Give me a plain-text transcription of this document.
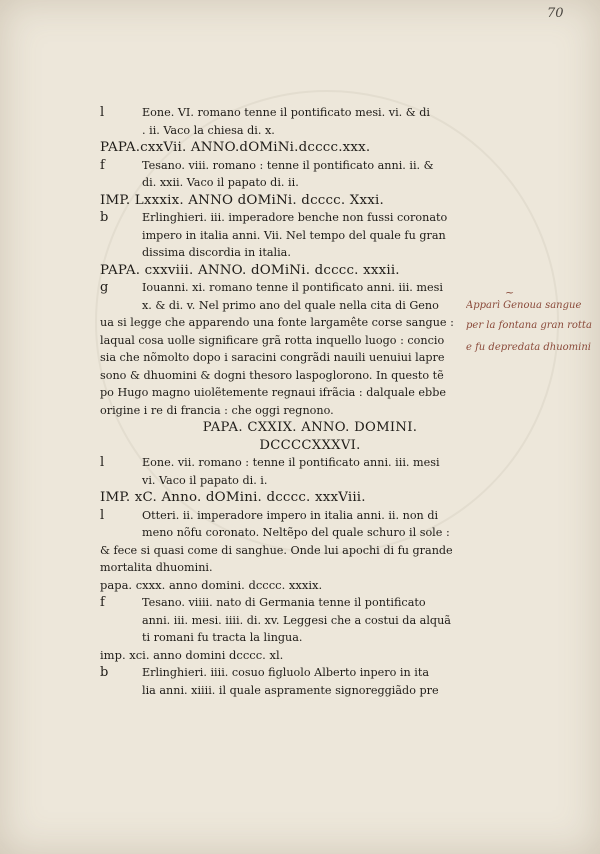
70
l	Eone. VI. romano tenne il pontificato mesi. vi. & di
. ii. Vaco la chiesa di. x.
PAPA.cxxVii. ANNO.dOMiNi.dcccc.xxx.
f	Tesano. viii. romano : tenne il pontificato anni. ii. &
di. xxii. Vaco il papato di. ii.
IMP. Lxxxix. ANNO dOMiNi. dcccc. Xxxi.
b	Erlinghieri. iii. imperadore benche non fussi coronato
impero in italia anni. Vii. Nel tempo del quale fu gran
dissima discordia in italia.
PAPA. cxxviii. ANNO. dOMiNi. dcccc. xxxii.
g	Iouanni. xi. romano tenne il pontificato anni. iii. mesi
x. & di. v. Nel primo ano del quale nella cita di Geno
ua si legge che apparendo una fonte largamête corse sangue :
laqual cosa uolle significare grã rotta inquello luogo : concio
sia che nõmolto dopo i saracini congrãdi nauili uenuiui lapre
sono & dhuomini & dogni thesoro laspoglorono. In questo tẽ
po Hugo magno uiolẽtemente regnaui ifrãcia : dalquale ebbe
origine i re di francia : che oggi regnono.
PAPA. CXXIX. ANNO. DOMINI.
DCCCCXXXVI.
l	Eone. vii. romano : tenne il pontificato anni. iii. mesi
vi. Vaco il papato di. i.
IMP. xC. Anno. dOMini. dcccc. xxxViii.
l	Otteri. ii. imperadore impero in italia anni. ii. non di
meno nõfu coronato. Neltẽpo del quale schuro il sole :
& fece si quasi come di sanghue. Onde lui apochi di fu grande
mortalita dhuomini.
papa. cxxx. anno domini. dcccc. xxxix.
f	Tesano. viiii. nato di Germania tenne il pontificato
anni. iii. mesi. iiii. di. xv. Leggesi che a costui da alquã
ti romani fu tracta la lingua.
imp. xci. anno domini dcccc. xl.
b	Erlinghieri. iiii. cosuo figluolo Alberto inpero in ita
lia anni. xiiii. il quale aspramente signoreggiãdo pre
~
Apparì Genoua sangue
per la fontana gran rotta
e fu depredata dhuomini
